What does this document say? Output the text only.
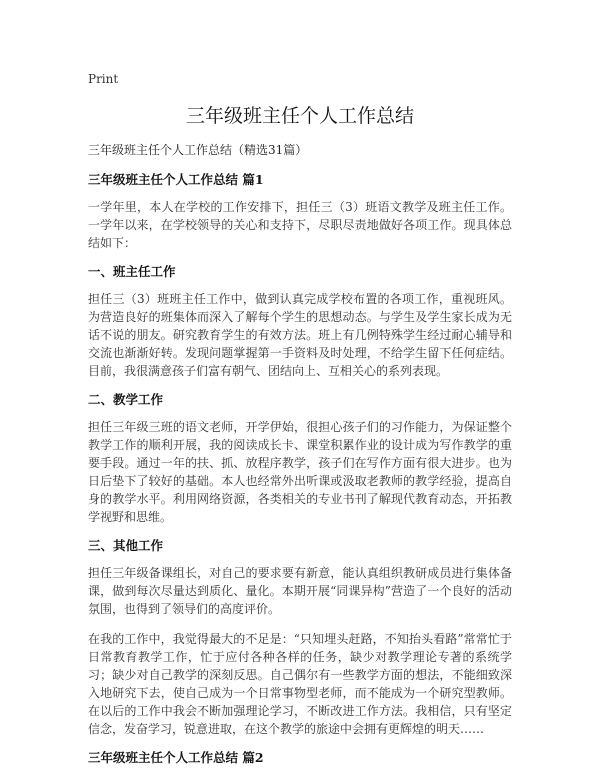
Print
三年级班主任个人工作总结

三年级班主任个人工作总结（精选31篇）

三年级班主任个人工作总结 篇1

一学年里，本人在学校的工作安排下，担任三（3）班语文教学及班主任工作。一学年以来，在学校领导的关心和支持下，尽职尽责地做好各项工作。现具体总结如下：

一、班主任工作

担任三（3）班班主任工作中，做到认真完成学校布置的各项工作，重视班风。为营造良好的班集体而深入了解每个学生的思想动态。与学生及学生家长成为无话不说的朋友。研究教育学生的有效方法。班上有几例特殊学生经过耐心辅导和交流也渐渐好转。发现问题掌握第一手资料及时处理，不给学生留下任何症结。目前，我很满意孩子们富有朝气、团结向上、互相关心的系列表现。

二、教学工作

担任三年级三班的语文老师，开学伊始，很担心孩子们的习作能力，为保证整个教学工作的顺利开展，我的阅读成长卡、课堂积累作业的设计成为写作教学的重要手段。通过一年的扶、抓、放程序教学，孩子们在写作方面有很大进步。也为日后垫下了较好的基础。本人也经常外出听课或汲取老教师的教学经验，提高自身的教学水平。利用网络资源，各类相关的专业书刊了解现代教育动态，开拓教学视野和思维。

三、其他工作

担任三年级备课组长，对自己的要求要有新意，能认真组织教研成员进行集体备课，做到每次尽量达到质化、量化。本期开展“同课异构”营造了一个良好的活动氛围，也得到了领导们的高度评价。

在我的工作中，我觉得最大的不足是：“只知埋头赶路，不知抬头看路”常常忙于日常教育教学工作，忙于应付各种各样的任务，缺少对教学理论专著的系统学习；缺少对自己教学的深刻反思。自己偶尔有一些教学方面的想法，不能细致深入地研究下去，使自己成为一个日常事物型老师，而不能成为一个研究型教师。在以后的工作中我会不断加强理论学习，不断改进工作方法。我相信，只有坚定信念，发奋学习，锐意进取，在这个教学的旅途中会拥有更辉煌的明天……

三年级班主任个人工作总结 篇2
